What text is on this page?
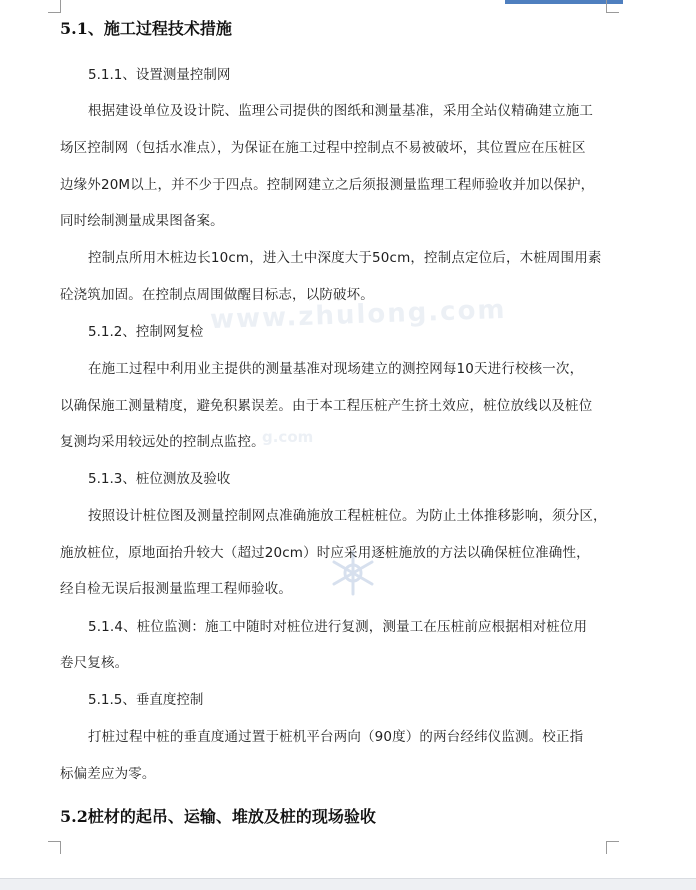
www.zhulong.com
g.com
5.1、施工过程技术措施

5.1.1、设置测量控制网

根据建设单位及设计院、监理公司提供的图纸和测量基准，采用全站仪精确建立施工

场区控制网（包括水准点），为保证在施工过程中控制点不易被破坏，其位置应在压桩区

边缘外20M以上，并不少于四点。控制网建立之后须报测量监理工程师验收并加以保护，

同时绘制测量成果图备案。

控制点所用木桩边长10cm，进入土中深度大于50cm，控制点定位后，木桩周围用素

砼浇筑加固。在控制点周围做醒目标志，以防破坏。

5.1.2、控制网复检

在施工过程中利用业主提供的测量基准对现场建立的测控网每10天进行校核一次，

以确保施工测量精度，避免积累误差。由于本工程压桩产生挤土效应，桩位放线以及桩位

复测均采用较远处的控制点监控。

5.1.3、桩位测放及验收

按照设计桩位图及测量控制网点准确施放工程桩桩位。为防止土体推移影响，须分区，

施放桩位，原地面抬升较大（超过20cm）时应采用逐桩施放的方法以确保桩位准确性，

经自检无误后报测量监理工程师验收。

5.1.4、桩位监测：施工中随时对桩位进行复测，测量工在压桩前应根据相对桩位用

卷尺复核。

5.1.5、垂直度控制

打桩过程中桩的垂直度通过置于桩机平台两向（90度）的两台经纬仪监测。校正指

标偏差应为零。

5.2桩材的起吊、运输、堆放及桩的现场验收
